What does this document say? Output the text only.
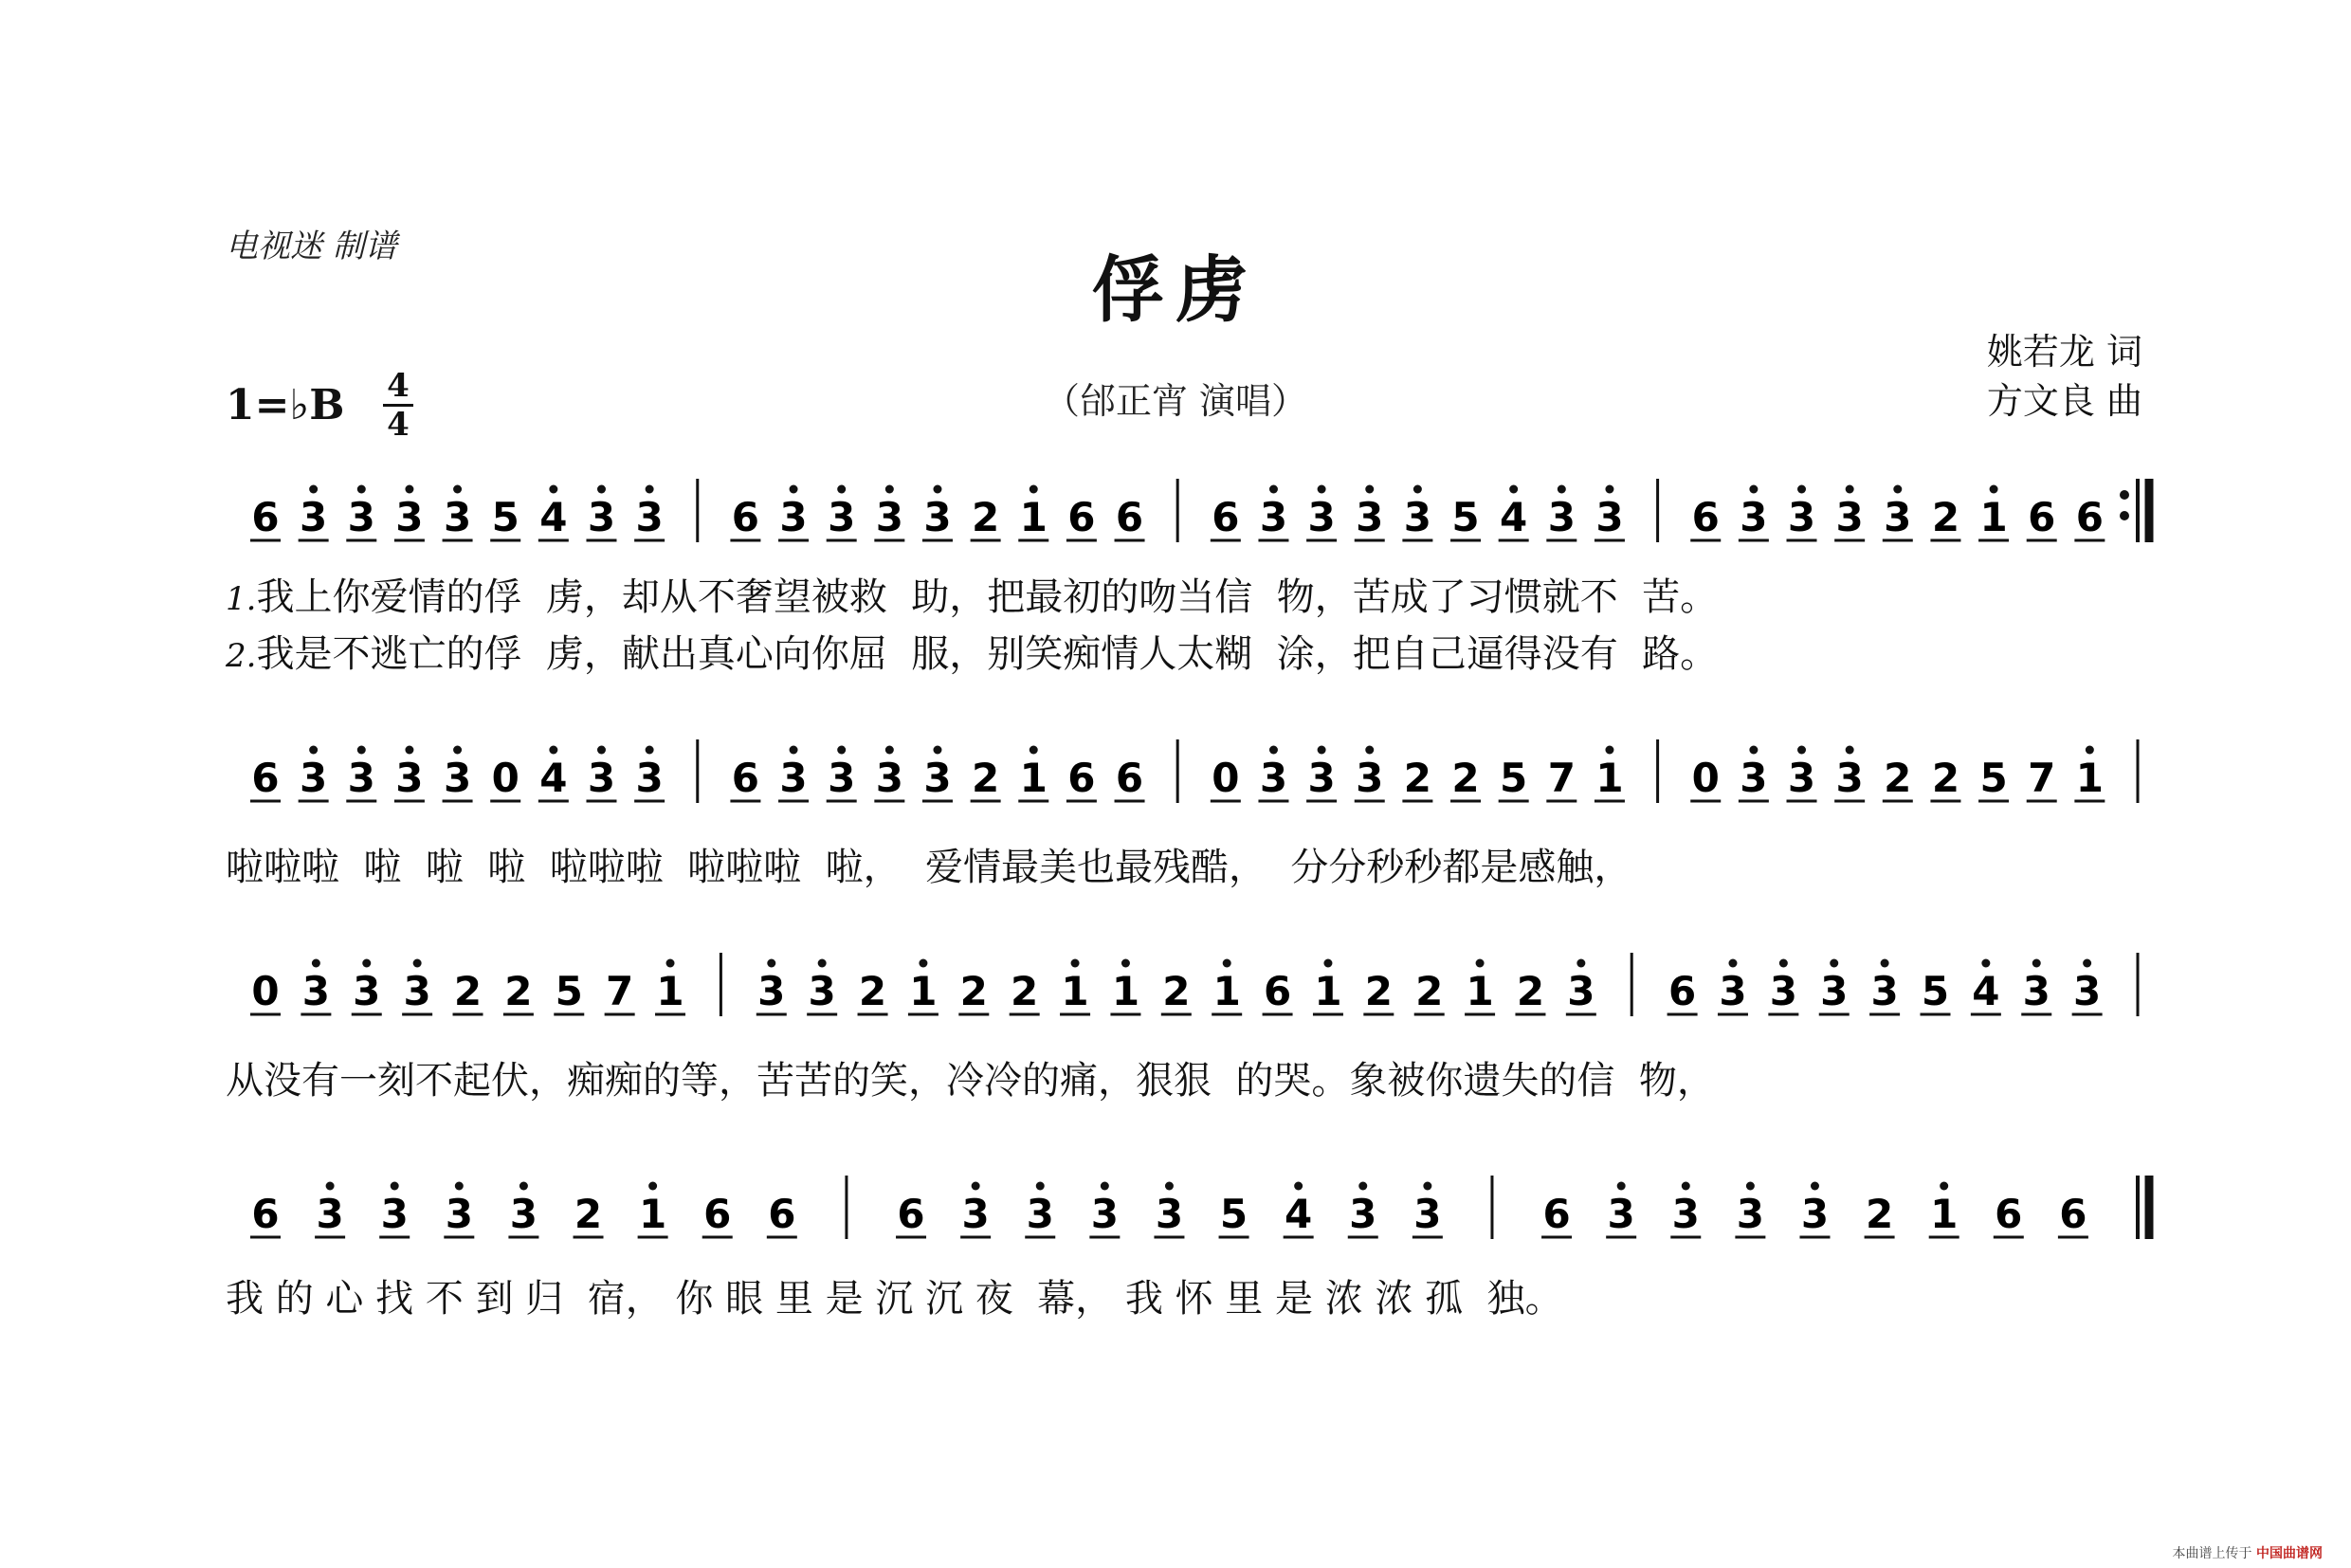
电视迷 制谱
俘虏
（邰正宵 演唱）
姚若龙 词
方文良 曲
1=♭B 4
4
6 3 3 3 3 5 4 3 3 6 3 3 3 3 2 1 6 6 6 3 3 3 3 5 4 3 3 6 3 3 3 3 2 1 6 6
6 3 3 3 3 0 4 3 3 6 3 3 3 3 2 1 6 6 0 3 3 3 2 2 5 7 1 0 3 3 3 2 2 5 7 1
0 3 3 3 2 2 5 7 1 3 3 2 1 2 2 1 1 2 1 6 1 2 2 1 2 3 6 3 3 3 3 5 4 3 3
6 3 3 3 3 2 1 6 6	6 3 3 3 3 5 4 3 3	6 3 3 3 3 2 1 6 6
1.我上你爱情的俘  虏，却从不奢望被救  助，把最初的吻当信  物，苦成了习惯就不  苦。
2.我是不逃亡的俘  虏，献出真心向你屈  服，别笑痴情人太糊  涂，把自己逼得没有  路。
啦啦啦  啦  啦  啦  啦啦啦  啦啦啦  啦，  爱情最美也最残酷，  分分秒秒都是感触，
从没有一刻不起伏，痴痴的等，苦苦的笑，冷冷的痛，狠狠  的哭。象被你遗失的信  物，
我 的 心 找 不 到 归  宿， 你 眼 里 是 沉 沉 夜  幕， 我 怀 里 是 浓 浓 孤  独。
本曲谱上传于 中国曲谱网
